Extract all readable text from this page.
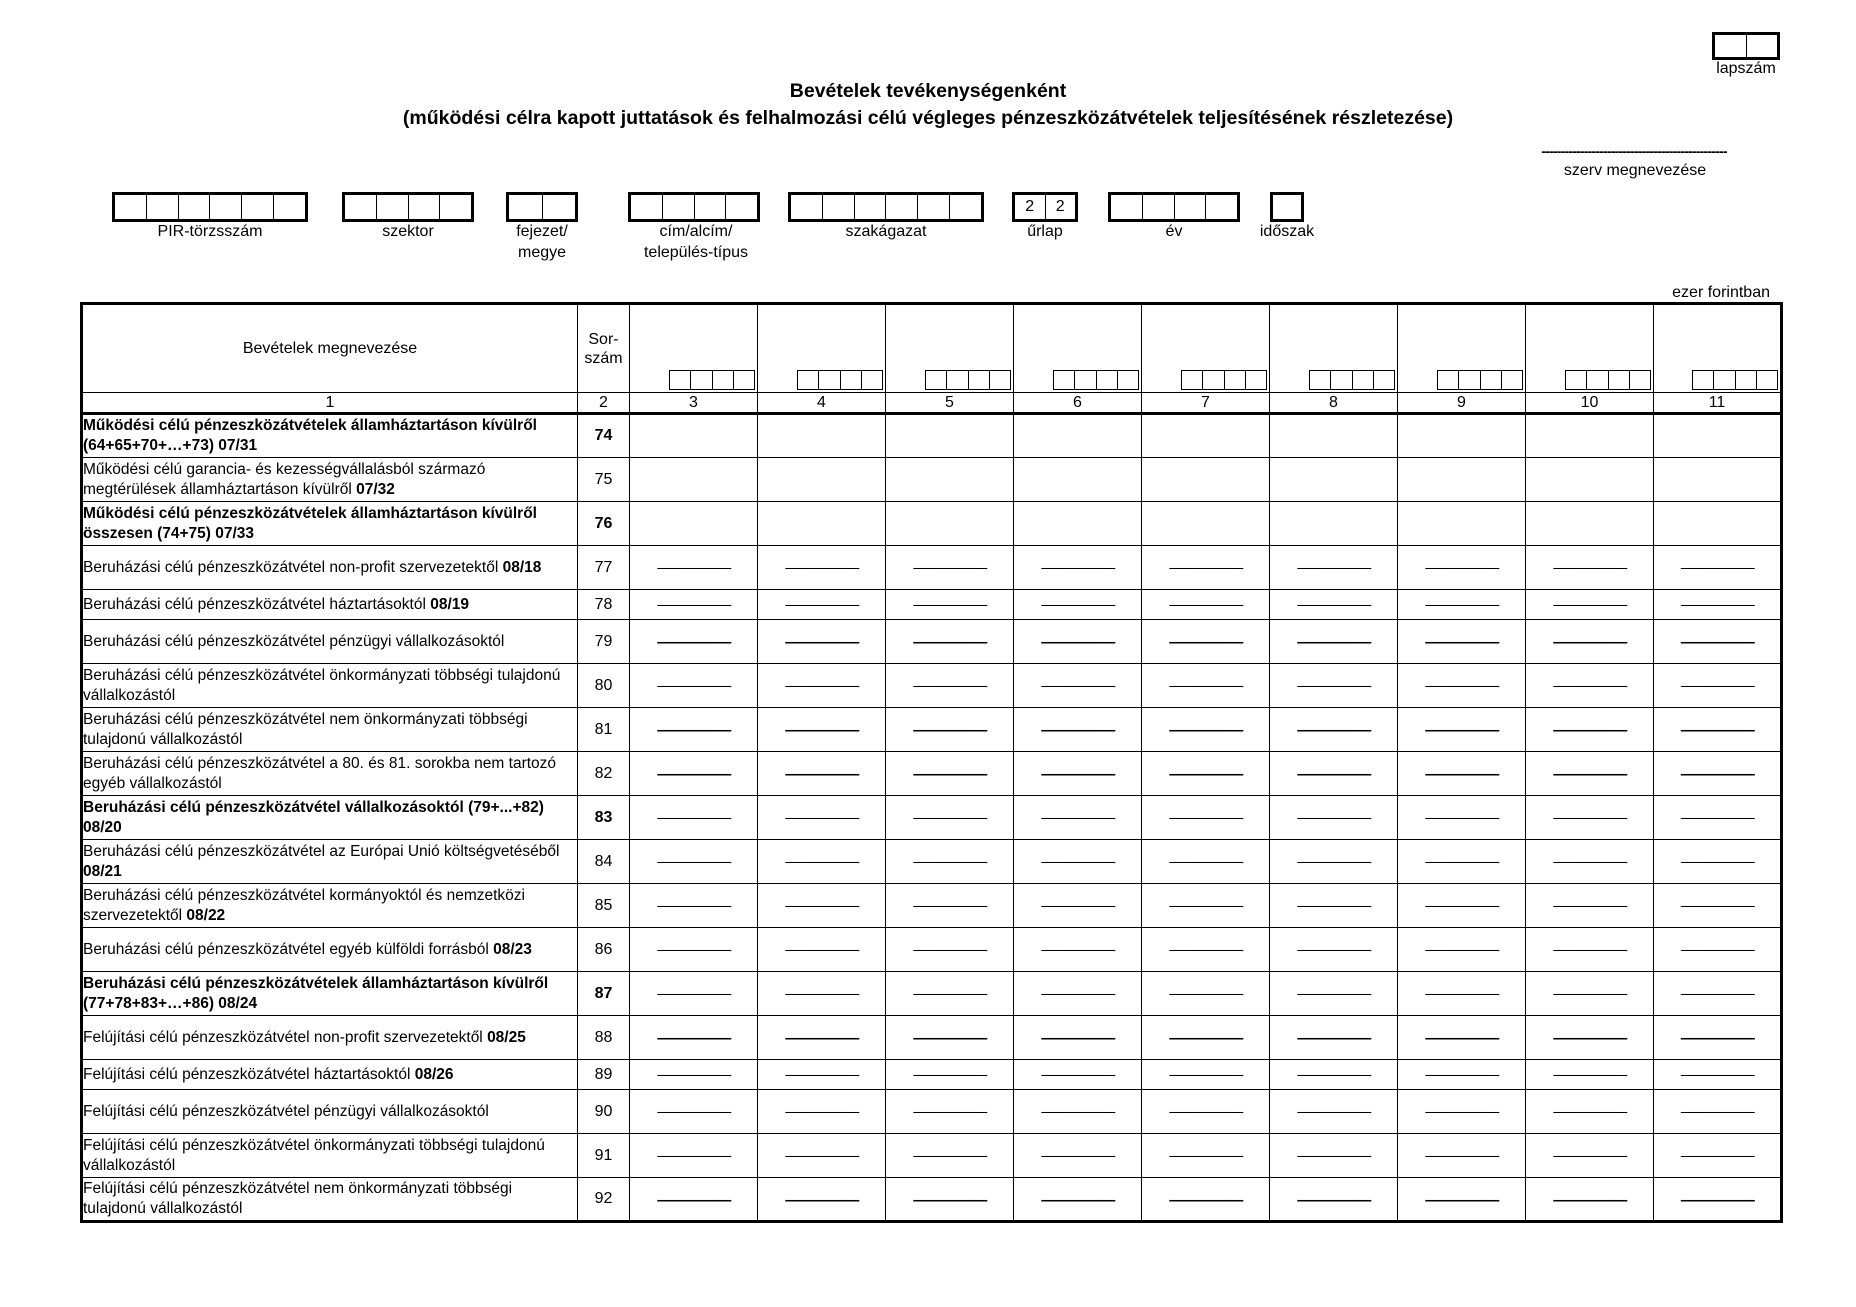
lapszám
Bevételek tevékenységenként
(működési célra kapott juttatások és felhalmozási célú végleges pénzeszközátvételek teljesítésének részletezése)
------------------------------------------------
szerv megnevezése
PIR-törzsszám	szektor	fejezet/
megye
cím/alcím/
település-típus
szakágazat
2	2
űrlap	év	időszak
ezer forintban
Bevételek megnevezése	Sor-
szám	

1	2	3	4	5	6	7	8	9	10	11
Működési célú pénzeszközátvételek államháztartáson kívülről (64+65+70+…+73) 07/31	74									
Működési célú garancia- és kezességvállalásból származó megtérülések államháztartáson kívülről 07/32	75									
Működési célú pénzeszközátvételek államháztartáson kívülről összesen (74+75) 07/33	76									
Beruházási célú pénzeszközátvétel non-profit szervezetektől 08/18	77	--------------------------	--------------------------	--------------------------	--------------------------	--------------------------	--------------------------	--------------------------	--------------------------	--------------------------
Beruházási célú pénzeszközátvétel háztartásoktól 08/19	78	--------------------------	--------------------------	--------------------------	--------------------------	--------------------------	--------------------------	--------------------------	--------------------------	--------------------------
Beruházási célú pénzeszközátvétel pénzügyi vállalkozásoktól	79	--------------------------	--------------------------	--------------------------	--------------------------	--------------------------	--------------------------	--------------------------	--------------------------	--------------------------
Beruházási célú pénzeszközátvétel önkormányzati többségi tulajdonú vállalkozástól	80	--------------------------	--------------------------	--------------------------	--------------------------	--------------------------	--------------------------	--------------------------	--------------------------	--------------------------
Beruházási célú pénzeszközátvétel nem önkormányzati többségi tulajdonú vállalkozástól	81	--------------------------	--------------------------	--------------------------	--------------------------	--------------------------	--------------------------	--------------------------	--------------------------	--------------------------
Beruházási célú pénzeszközátvétel a 80. és 81. sorokba nem tartozó egyéb vállalkozástól	82	--------------------------	--------------------------	--------------------------	--------------------------	--------------------------	--------------------------	--------------------------	--------------------------	--------------------------
Beruházási célú pénzeszközátvétel vállalkozásoktól (79+...+82) 08/20	83	--------------------------	--------------------------	--------------------------	--------------------------	--------------------------	--------------------------	--------------------------	--------------------------	--------------------------
Beruházási célú pénzeszközátvétel az Európai Unió költségvetéséből 08/21	84	--------------------------	--------------------------	--------------------------	--------------------------	--------------------------	--------------------------	--------------------------	--------------------------	--------------------------
Beruházási célú pénzeszközátvétel kormányoktól és nemzetközi szervezetektől 08/22	85	--------------------------	--------------------------	--------------------------	--------------------------	--------------------------	--------------------------	--------------------------	--------------------------	--------------------------
Beruházási célú pénzeszközátvétel egyéb külföldi forrásból 08/23	86	--------------------------	--------------------------	--------------------------	--------------------------	--------------------------	--------------------------	--------------------------	--------------------------	--------------------------
Beruházási célú pénzeszközátvételek államháztartáson kívülről (77+78+83+…+86) 08/24	87	--------------------------	--------------------------	--------------------------	--------------------------	--------------------------	--------------------------	--------------------------	--------------------------	--------------------------
Felújítási célú pénzeszközátvétel non-profit szervezetektől 08/25	88	--------------------------	--------------------------	--------------------------	--------------------------	--------------------------	--------------------------	--------------------------	--------------------------	--------------------------
Felújítási célú pénzeszközátvétel háztartásoktól 08/26	89	--------------------------	--------------------------	--------------------------	--------------------------	--------------------------	--------------------------	--------------------------	--------------------------	--------------------------
Felújítási célú pénzeszközátvétel pénzügyi vállalkozásoktól	90	--------------------------	--------------------------	--------------------------	--------------------------	--------------------------	--------------------------	--------------------------	--------------------------	--------------------------
Felújítási célú pénzeszközátvétel önkormányzati többségi tulajdonú vállalkozástól	91	--------------------------	--------------------------	--------------------------	--------------------------	--------------------------	--------------------------	--------------------------	--------------------------	--------------------------
Felújítási célú pénzeszközátvétel nem önkormányzati többségi tulajdonú vállalkozástól	92	--------------------------	--------------------------	--------------------------	--------------------------	--------------------------	--------------------------	--------------------------	--------------------------	--------------------------
